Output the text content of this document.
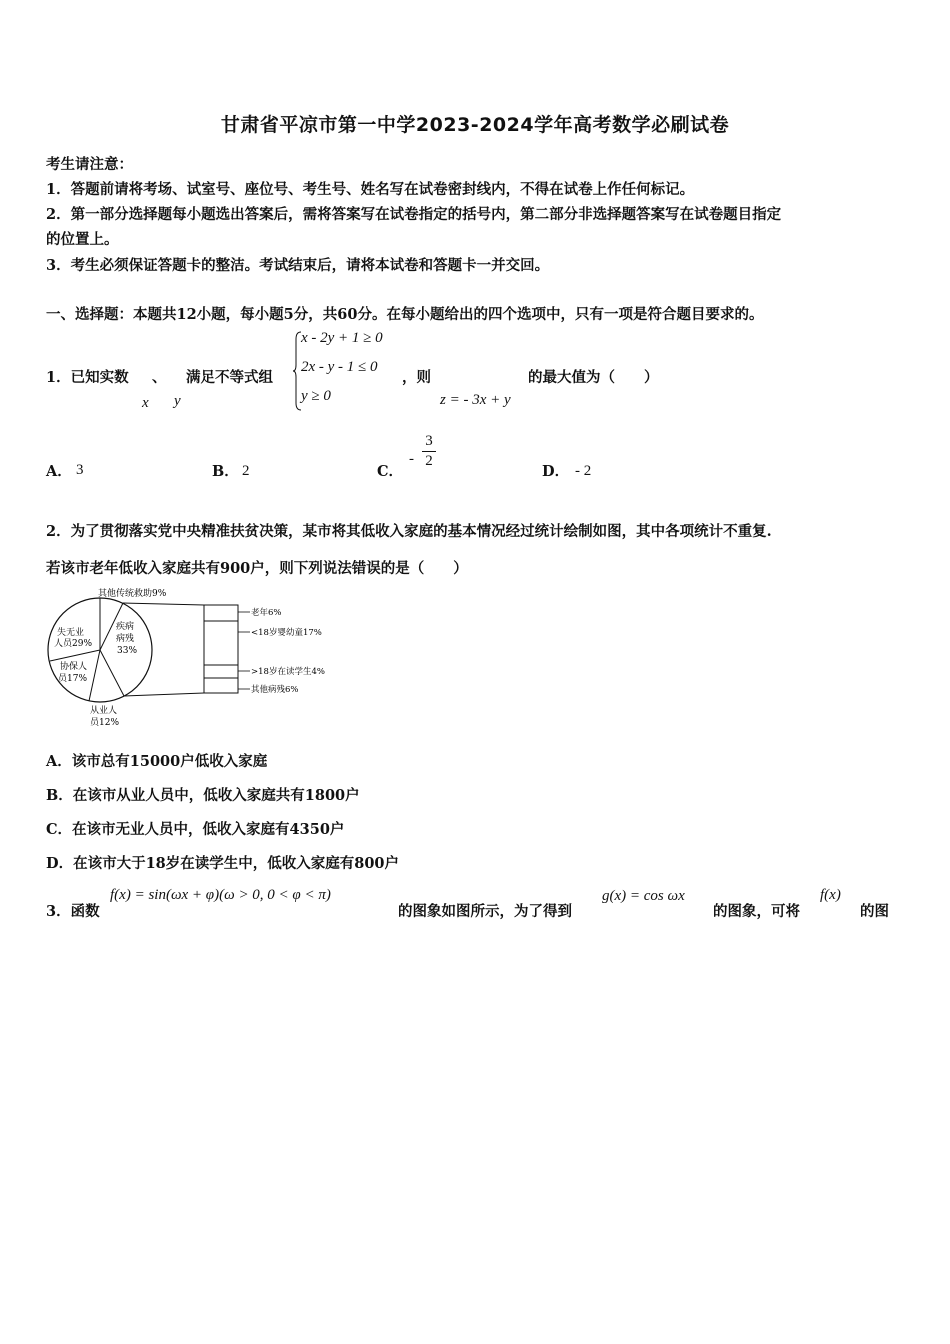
甘肃省平凉市第一中学2023-2024学年高考数学必刷试卷
考生请注意：
1．答题前请将考场、试室号、座位号、考生号、姓名写在试卷密封线内，不得在试卷上作任何标记。
2．第一部分选择题每小题选出答案后，需将答案写在试卷指定的括号内，第二部分非选择题答案写在试卷题目指定
的位置上。
3．考生必须保证答题卡的整洁。考试结束后，请将本试卷和答题卡一并交回。
一、选择题：本题共12小题，每小题5分，共60分。在每小题给出的四个选项中，只有一项是符合题目要求的。
1．已知实数 、 满足不等式组
x y
x - 2y + 1 ≥ 0
2x - y - 1 ≤ 0
y ≥ 0
，则
z = - 3x + y
的最大值为（　　）
A． 3	B． 2	C．
-
3
2
D． - 2
2．为了贯彻落实党中央精准扶贫决策，某市将其低收入家庭的基本情况经过统计绘制如图，其中各项统计不重复.
若该市老年低收入家庭共有900户，则下列说法错误的是（　　）
其他传统救助9%
失无业
人员29%
疾病
病残
33%
协保人
员17%
从业人
员12%
老年6%
<18岁婴幼童17%
>18岁在读学生4%
其他病残6%
A．该市总有15000户低收入家庭
B．在该市从业人员中，低收入家庭共有1800户
C．在该市无业人员中，低收入家庭有4350户
D．在该市大于18岁在读学生中，低收入家庭有800户
3．函数
f(x) = sin(ωx + φ)(ω > 0, 0 < φ < π)
的图象如图所示，为了得到
g(x) = cos ωx
的图象，可将
f(x)
的图
